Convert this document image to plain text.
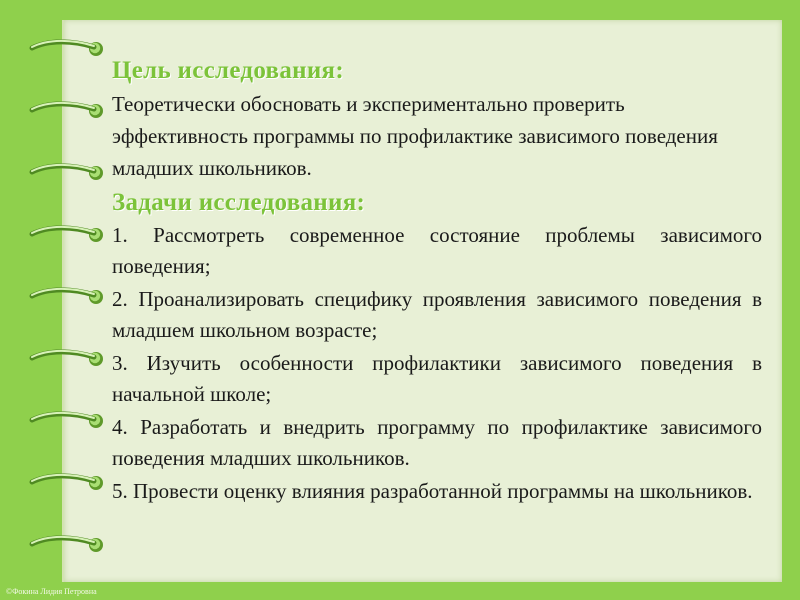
Цель исследования:

Теоретически обосновать и экспериментально проверить эффективность программы по профилактике зависимого поведения младших школьников.

Задачи исследования:
1. Рассмотреть современное состояние проблемы зависимого поведения;
2. Проанализировать специфику проявления зависимого поведения в младшем школьном возрасте;
3. Изучить особенности профилактики зависимого поведения в начальной школе;
4. Разработать и внедрить программу по профилактике зависимого поведения младших школьников.
5. Провести оценку влияния разработанной программы на школьников.
©Фокина Лидия Петровна
